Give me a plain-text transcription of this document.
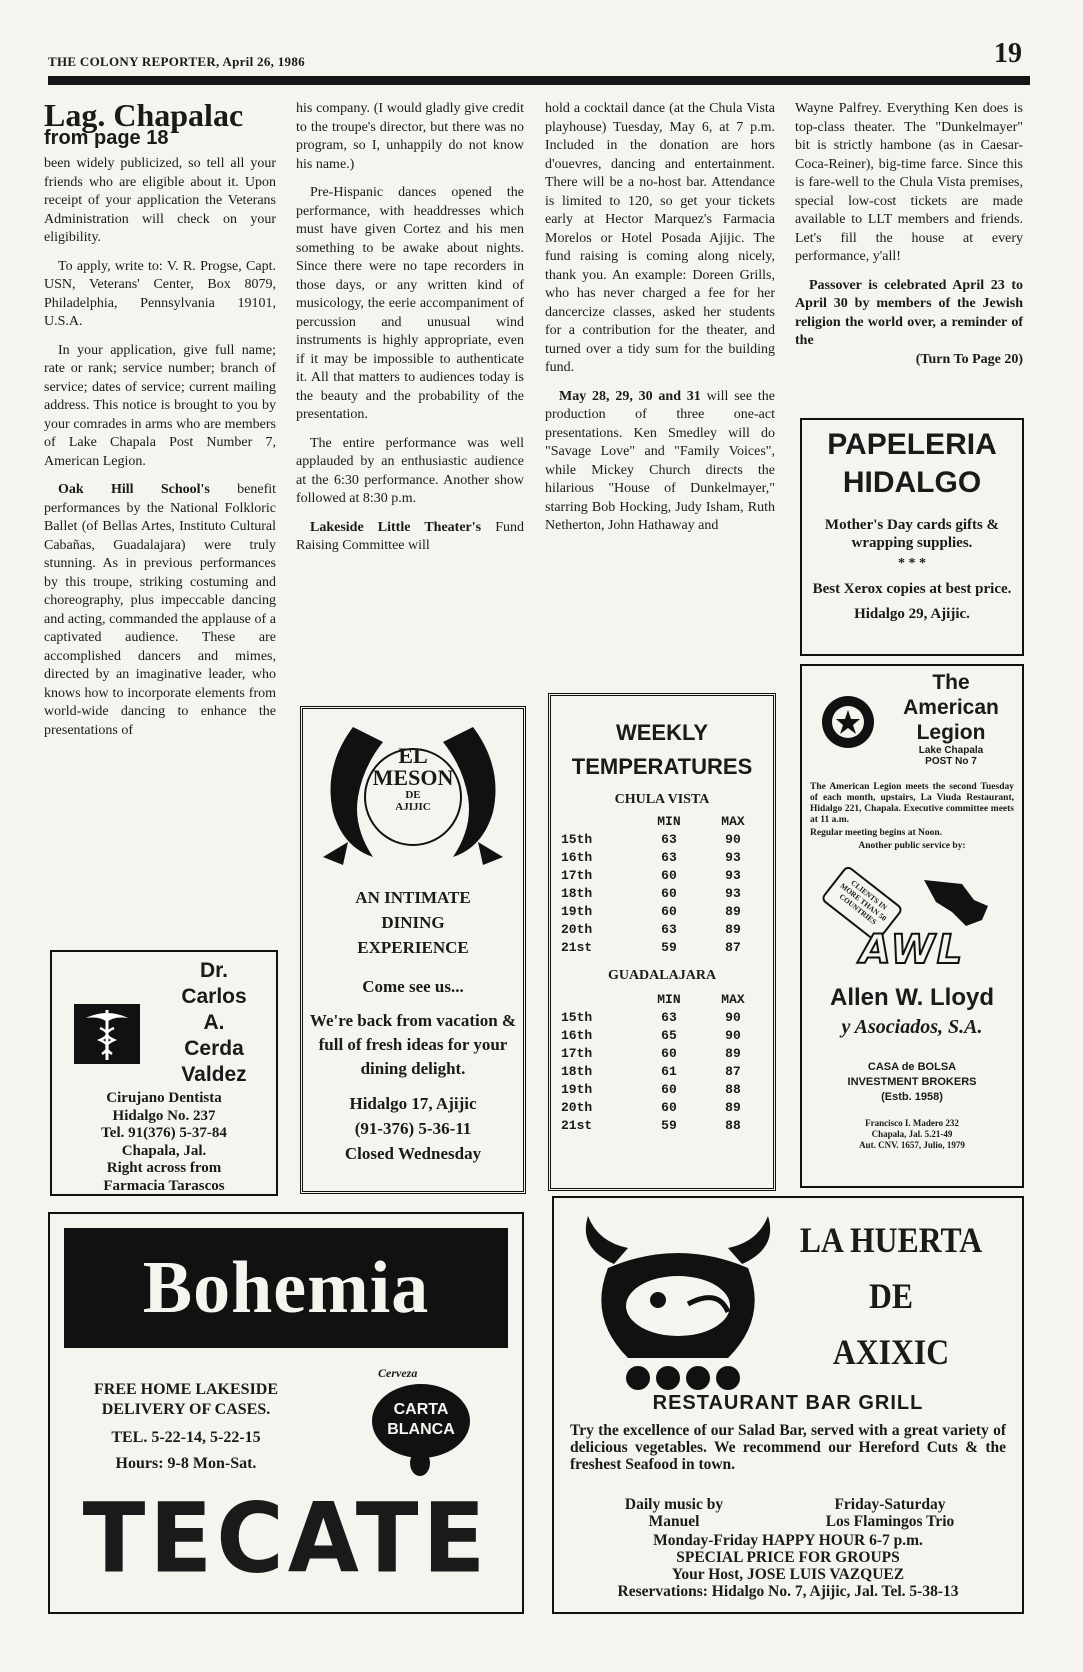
THE COLONY REPORTER, April 26, 1986	19
Lag. Chapalac
from page 18

been widely publicized, so tell all your friends who are eligible about it. Upon receipt of your application the Veterans Administration will check on your eligibility.

To apply, write to: V. R. Progse, Capt. USN, Veterans' Center, Box 8079, Philadelphia, Pennsylvania 19101, U.S.A.

In your application, give full name; rate or rank; service number; branch of service; dates of service; current mailing address. This notice is brought to you by your comrades in arms who are members of Lake Chapala Post Number 7, American Legion.

Oak Hill School's benefit performances by the National Folkloric Ballet (of Bellas Artes, Instituto Cultural Cabañas, Guadalajara) were truly stunning. As in previous performances by this troupe, striking costuming and choreography, plus impeccable dancing and acting, commanded the applause of a captivated audience. These are accomplished dancers and mimes, directed by an imaginative leader, who knows how to incorporate elements from world-wide dancing to enhance the presentations of

his company. (I would gladly give credit to the troupe's director, but there was no program, so I, unhappily do not know his name.)

Pre-Hispanic dances opened the performance, with headdresses which must have given Cortez and his men something to be awake about nights. Since there were no tape recorders in those days, or any written kind of musicology, the eerie accompaniment of percussion and unusual wind instruments is highly appropriate, even if it may be impossible to authenticate it. All that matters to audiences today is the beauty and the probability of the presentation.

The entire performance was well applauded by an enthusiastic audience at the 6:30 performance. Another show followed at 8:30 p.m.

Lakeside Little Theater's Fund Raising Committee will

hold a cocktail dance (at the Chula Vista playhouse) Tuesday, May 6, at 7 p.m. Included in the donation are hors d'ouevres, dancing and entertainment. There will be a no-host bar. Attendance is limited to 120, so get your tickets early at Hector Marquez's Farmacia Morelos or Hotel Posada Ajijic. The fund raising is coming along nicely, thank you. An example: Doreen Grills, who has never charged a fee for her dancercize classes, asked her students for a contribution for the theater, and turned over a tidy sum for the building fund.

May 28, 29, 30 and 31 will see the production of three one-act presentations. Ken Smedley will do "Savage Love" and "Family Voices", while Mickey Church directs the hilarious "House of Dunkelmayer," starring Bob Hocking, Judy Isham, Ruth Netherton, John Hathaway and

Wayne Palfrey. Everything Ken does is top-class theater. The "Dunkelmayer" bit is strictly hambone (as in Caesar-Coca-Reiner), big-time farce. Since this is fare-well to the Chula Vista premises, special low-cost tickets are made available to LLT members and friends. Let's fill the house at every performance, y'all!

Passover is celebrated April 23 to April 30 by members of the Jewish religion the world over, a reminder of the

(Turn To Page 20)
PAPELERIA
HIDALGO
Mother's Day cards gifts & wrapping supplies.
* * *
Best Xerox copies at best price.
Hidalgo 29, Ajijic.
Dr.
Carlos
A.
Cerda
Valdez
Cirujano Dentista
Hidalgo No. 237
Tel. 91(376) 5-37-84
Chapala, Jal.
Right across from
Farmacia Tarascos
EL
MESON
DE
AJIJIC
AN INTIMATE
DINING
EXPERIENCE
Come see us...
We're back from vacation & full of fresh ideas for your dining delight.
Hidalgo 17, Ajijic
(91-376) 5-36-11
Closed Wednesday
WEEKLY
TEMPERATURES
CHULA VISTA
	MIN	MAX
15th	63	90
16th	63	93
17th	60	93
18th	60	93
19th	60	89
20th	63	89
21st	59	87
GUADALAJARA
	MIN	MAX
15th	63	90
16th	65	90
17th	60	89
18th	61	87
19th	60	88
20th	60	89
21st	59	88
The
American
Legion
Lake Chapala
POST No 7
The American Legion meets the second Tuesday of each month, upstairs, La Viuda Restaurant, Hidalgo 221, Chapala. Executive committee meets at 11 a.m.
Regular meeting begins at Noon.
Another public service by:
CLIENTS IN MORE THAN 50 COUNTRIES
AWL
Allen W. Lloyd
y Asociados, S.A.
CASA de BOLSA
INVESTMENT BROKERS
(Estb. 1958)
Francisco I. Madero 232
Chapala, Jal. 5.21-49
Aut. CNV. 1657, Julio, 1979
Bohemia
FREE HOME LAKESIDE
DELIVERY OF CASES.
TEL. 5-22-14, 5-22-15
Hours: 9-8 Mon-Sat.
Cerveza
CARTA
BLANCA
TECATE
LA HUERTA
DE
AXIXIC
RESTAURANT BAR GRILL
Try the excellence of our Salad Bar, served with a great variety of delicious vegetables. We recommend our Hereford Cuts & the freshest Seafood in town.
Daily music by
Manuel
Friday-Saturday
Los Flamingos Trio
Monday-Friday HAPPY HOUR 6-7 p.m.
SPECIAL PRICE FOR GROUPS
Your Host, JOSE LUIS VAZQUEZ
Reservations: Hidalgo No. 7, Ajijic, Jal. Tel. 5-38-13
